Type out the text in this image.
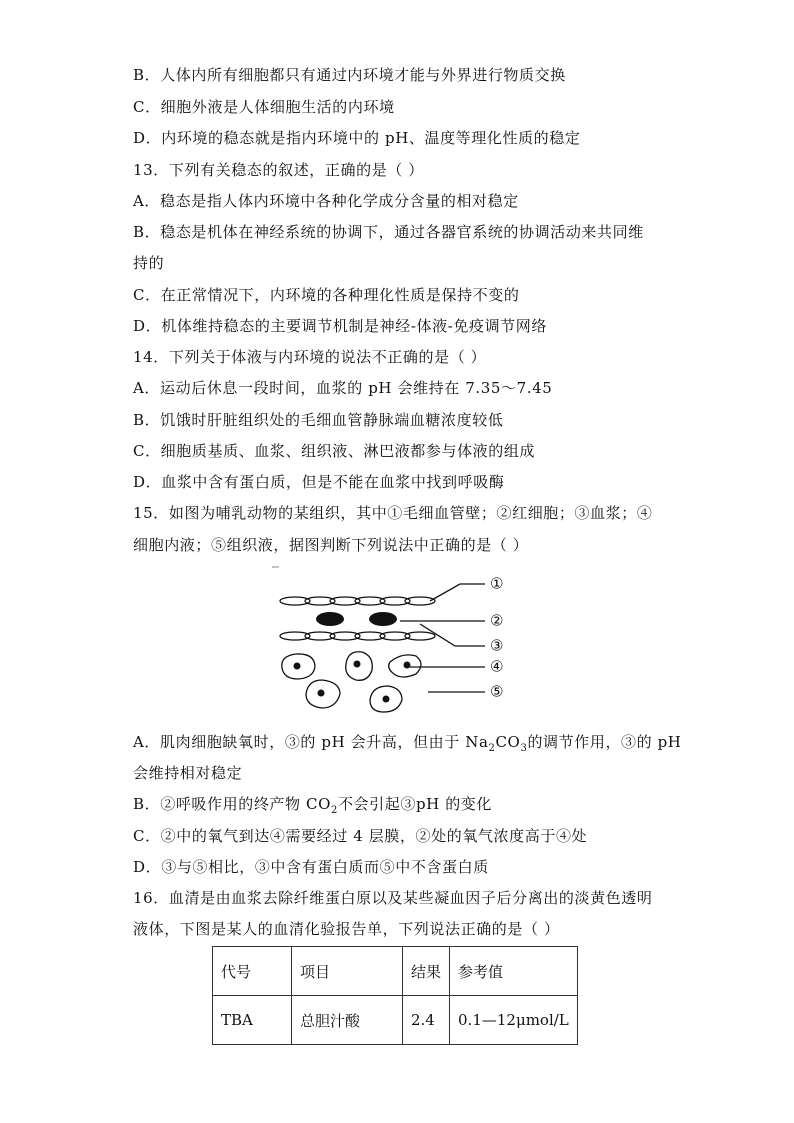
B．人体内所有细胞都只有通过内环境才能与外界进行物质交换
C．细胞外液是人体细胞生活的内环境
D．内环境的稳态就是指内环境中的 pH、温度等理化性质的稳定
13．下列有关稳态的叙述，正确的是（ ）
A．稳态是指人体内环境中各种化学成分含量的相对稳定
B．稳态是机体在神经系统的协调下，通过各器官系统的协调活动来共同维
持的
C．在正常情况下，内环境的各种理化性质是保持不变的
D．机体维持稳态的主要调节机制是神经-体液-免疫调节网络
14．下列关于体液与内环境的说法不正确的是（ ）
A．运动后休息一段时间，血浆的 pH 会维持在 7.35～7.45
B．饥饿时肝脏组织处的毛细血管静脉端血糖浓度较低
C．细胞质基质、血浆、组织液、淋巴液都参与体液的组成
D．血浆中含有蛋白质，但是不能在血浆中找到呼吸酶
15．如图为哺乳动物的某组织，其中①毛细血管壁；②红细胞；③血浆；④
细胞内液；⑤组织液，据图判断下列说法中正确的是（ ）
①
②
③
④
⑤
A．肌肉细胞缺氧时，③的 pH 会升高，但由于 $Na_2CO_3$的调节作用，③的 pH
会维持相对稳定
B．②呼吸作用的终产物 $CO_2$不会引起③pH 的变化
C．②中的氧气到达④需要经过 4 层膜，②处的氧气浓度高于④处
D．③与⑤相比，③中含有蛋白质而⑤中不含蛋白质
16．血清是由血浆去除纤维蛋白原以及某些凝血因子后分离出的淡黄色透明
液体，下图是某人的血清化验报告单，下列说法正确的是（ ）
代号	项目	结果	参考值
TBA	总胆汁酸	2.4	0.1—12μmol/L
